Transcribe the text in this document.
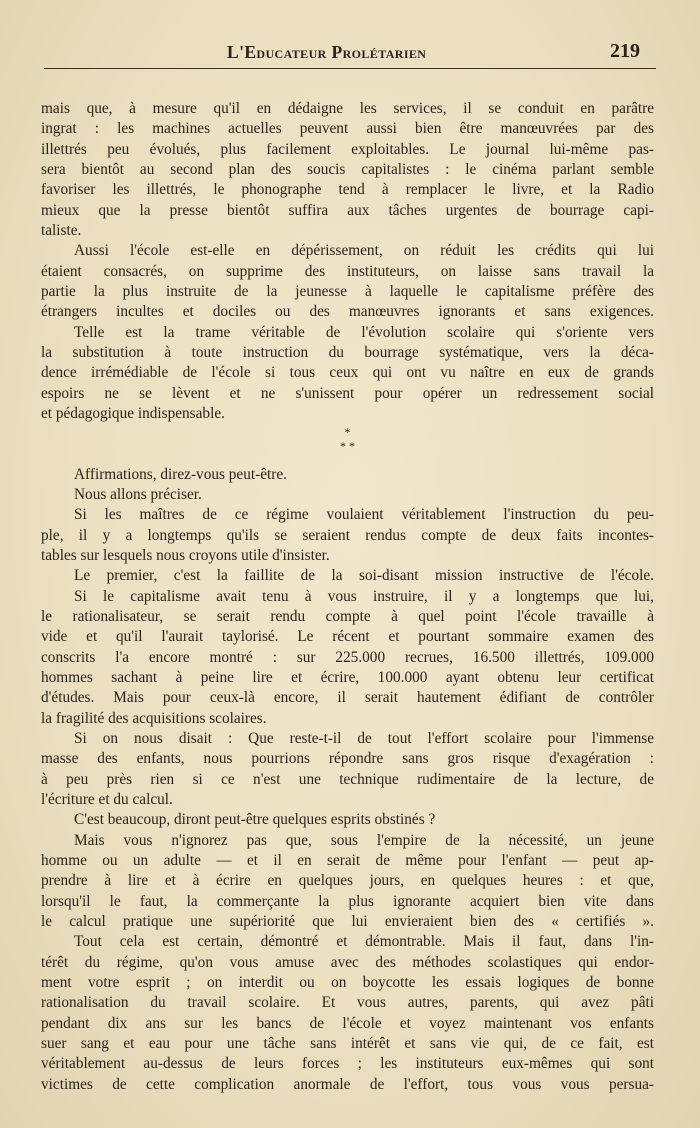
L'Educateur Prolétarien	219
mais que, à mesure qu'il en dédaigne les services, il se conduit en parâtre
ingrat : les machines actuelles peuvent aussi bien être manœuvrées par des
illettrés peu évolués, plus facilement exploitables. Le journal lui-même pas-
sera bientôt au second plan des soucis capitalistes : le cinéma parlant semble
favoriser les illettrés, le phonographe tend à remplacer le livre, et la Radio
mieux que la presse bientôt suffira aux tâches urgentes de bourrage capi-
taliste.
Aussi l'école est-elle en dépérissement, on réduit les crédits qui lui
étaient consacrés, on supprime des instituteurs, on laisse sans travail la
partie la plus instruite de la jeunesse à laquelle le capitalisme préfère des
étrangers incultes et dociles ou des manœuvres ignorants et sans exigences.
Telle est la trame véritable de l'évolution scolaire qui s'oriente vers
la substitution à toute instruction du bourrage systématique, vers la déca-
dence irrémédiable de l'école si tous ceux qui ont vu naître en eux de grands
espoirs ne se lèvent et ne s'unissent pour opérer un redressement social
et pédagogique indispensable.
*
* *
Affirmations, direz-vous peut-être.
Nous allons préciser.
Si les maîtres de ce régime voulaient véritablement l'instruction du peu-
ple, il y a longtemps qu'ils se seraient rendus compte de deux faits incontes-
tables sur lesquels nous croyons utile d'insister.
Le premier, c'est la faillite de la soi-disant mission instructive de l'école.
Si le capitalisme avait tenu à vous instruire, il y a longtemps que lui,
le rationalisateur, se serait rendu compte à quel point l'école travaille à
vide et qu'il l'aurait taylorisé. Le récent et pourtant sommaire examen des
conscrits l'a encore montré : sur 225.000 recrues, 16.500 illettrés, 109.000
hommes sachant à peine lire et écrire, 100.000 ayant obtenu leur certificat
d'études. Mais pour ceux-là encore, il serait hautement édifiant de contrôler
la fragilité des acquisitions scolaires.
Si on nous disait : Que reste-t-il de tout l'effort scolaire pour l'immense
masse des enfants, nous pourrions répondre sans gros risque d'exagération :
à peu près rien si ce n'est une technique rudimentaire de la lecture, de
l'écriture et du calcul.
C'est beaucoup, diront peut-être quelques esprits obstinés ?
Mais vous n'ignorez pas que, sous l'empire de la nécessité, un jeune
homme ou un adulte — et il en serait de même pour l'enfant — peut ap-
prendre à lire et à écrire en quelques jours, en quelques heures : et que,
lorsqu'il le faut, la commerçante la plus ignorante acquiert bien vite dans
le calcul pratique une supériorité que lui envieraient bien des « certifiés ».
Tout cela est certain, démontré et démontrable. Mais il faut, dans l'in-
térêt du régime, qu'on vous amuse avec des méthodes scolastiques qui endor-
ment votre esprit ; on interdit ou on boycotte les essais logiques de bonne
rationalisation du travail scolaire. Et vous autres, parents, qui avez pâti
pendant dix ans sur les bancs de l'école et voyez maintenant vos enfants
suer sang et eau pour une tâche sans intérêt et sans vie qui, de ce fait, est
véritablement au-dessus de leurs forces ; les instituteurs eux-mêmes qui sont
victimes de cette complication anormale de l'effort, tous vous vous persua-
